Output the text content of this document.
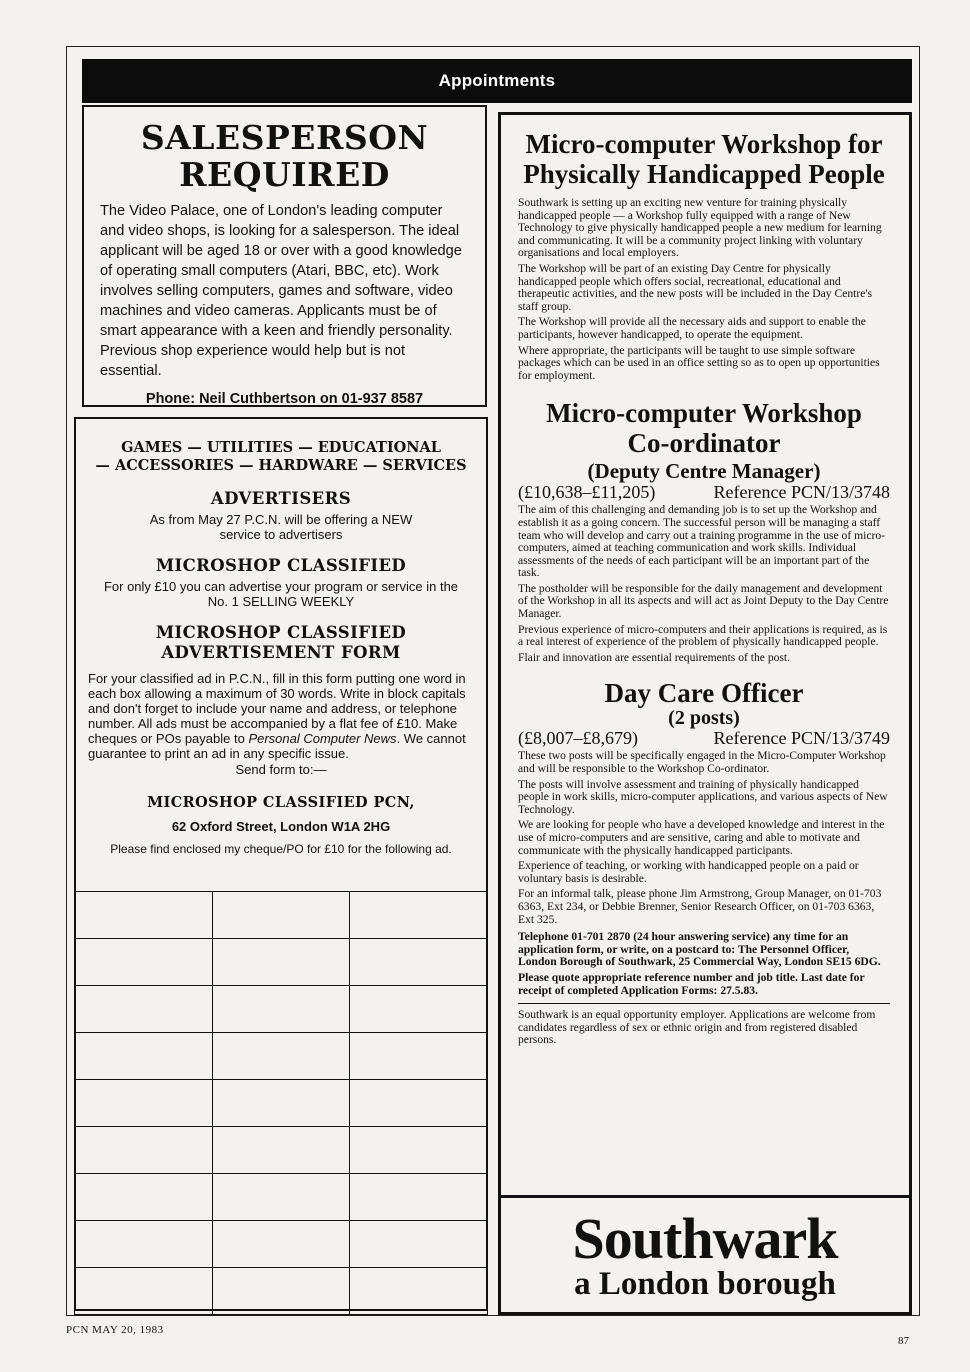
Appointments
SALESPERSON
REQUIRED

The Video Palace, one of London's leading computer and video shops, is looking for a salesperson. The ideal applicant will be aged 18 or over with a good knowledge of operating small computers (Atari, BBC, etc). Work involves selling computers, games and software, video machines and video cameras. Applicants must be of smart appearance with a keen and friendly personality. Previous shop experience would help but is not essential.

Phone: Neil Cuthbertson on 01-937 8587
GAMES — UTILITIES — EDUCATIONAL
— ACCESSORIES — HARDWARE — SERVICES
ADVERTISERS
As from May 27 P.C.N. will be offering a NEW service to advertisers
MICROSHOP CLASSIFIED
For only £10 you can advertise your program or service in the No. 1 SELLING WEEKLY
MICROSHOP CLASSIFIED
ADVERTISEMENT FORM
For your classified ad in P.C.N., fill in this form putting one word in each box allowing a maximum of 30 words. Write in block capitals and don't forget to include your name and address, or telephone number. All ads must be accompanied by a flat fee of £10. Make cheques or POs payable to Personal Computer News. We cannot guarantee to print an ad in any specific issue.
Send form to:—
MICROSHOP CLASSIFIED PCN,
62 Oxford Street, London W1A 2HG
Please find enclosed my cheque/PO for £10 for the following ad.

Micro-computer Workshop for Physically Handicapped People

Southwark is setting up an exciting new venture for training physically handicapped people — a Workshop fully equipped with a range of New Technology to give physically handicapped people a new medium for learning and communicating. It will be a community project linking with voluntary organisations and local employers.

The Workshop will be part of an existing Day Centre for physically handicapped people which offers social, recreational, educational and therapeutic activities, and the new posts will be included in the Day Centre's staff group.

The Workshop will provide all the necessary aids and support to enable the participants, however handicapped, to operate the equipment.

Where appropriate, the participants will be taught to use simple software packages which can be used in an office setting so as to open up opportunities for employment.

Micro-computer Workshop
Co-ordinator
(Deputy Centre Manager)
(£10,638–£11,205)	Reference PCN/13/3748

The aim of this challenging and demanding job is to set up the Workshop and establish it as a going concern. The successful person will be managing a staff team who will develop and carry out a training programme in the use of micro-computers, aimed at teaching communication and work skills. Individual assessments of the needs of each participant will be an important part of the task.

The postholder will be responsible for the daily management and development of the Workshop in all its aspects and will act as Joint Deputy to the Day Centre Manager.

Previous experience of micro-computers and their applications is required, as is a real interest of experience of the problem of physically handicapped people.

Flair and innovation are essential requirements of the post.

Day Care Officer
(2 posts)
(£8,007–£8,679)	Reference PCN/13/3749

These two posts will be specifically engaged in the Micro-Computer Workshop and will be responsible to the Workshop Co-ordinator.

The posts will involve assessment and training of physically handicapped people in work skills, micro-computer applications, and various aspects of New Technology.

We are looking for people who have a developed knowledge and interest in the use of micro-computers and are sensitive, caring and able to motivate and communicate with the physically handicapped participants.

Experience of teaching, or working with handicapped people on a paid or voluntary basis is desirable.

For an informal talk, please phone Jim Armstrong, Group Manager, on 01-703 6363, Ext 234, or Debbie Brenner, Senior Research Officer, on 01-703 6363, Ext 325.

Telephone 01-701 2870 (24 hour answering service) any time for an application form, or write, on a postcard to: The Personnel Officer, London Borough of Southwark, 25 Commercial Way, London SE15 6DG.

Please quote appropriate reference number and job title. Last date for receipt of completed Application Forms: 27.5.83.

Southwark is an equal opportunity employer. Applications are welcome from candidates regardless of sex or ethnic origin and from registered disabled persons.

Southwark
a London borough
PCN MAY 20, 1983
87
